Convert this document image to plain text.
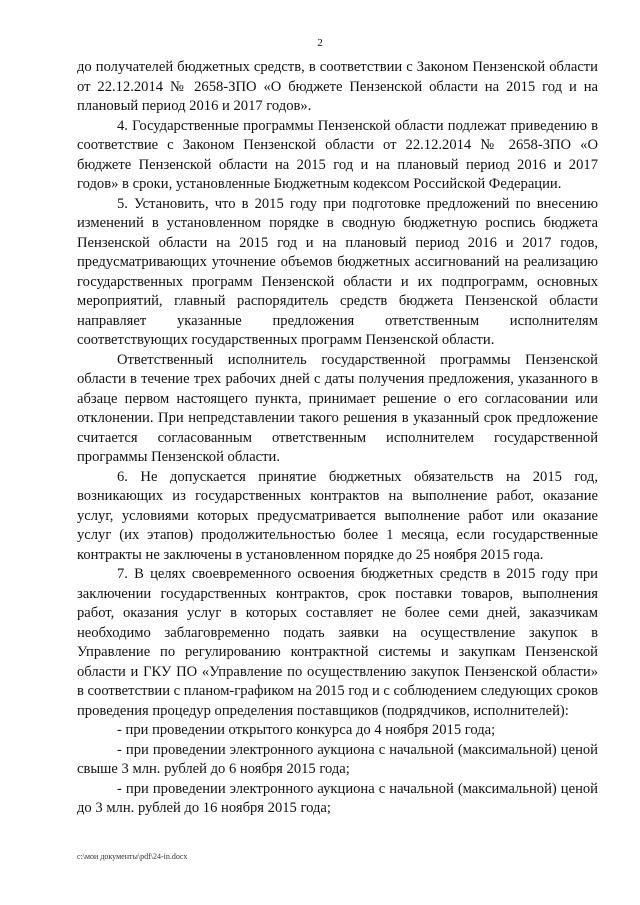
2

до получателей бюджетных средств, в соответствии с Законом Пензенской области от 22.12.2014 № 2658-ЗПО «О бюджете Пензенской области на 2015 год и на плановый период 2016 и 2017 годов».

4. Государственные программы Пензенской области подлежат приведению в соответствие с Законом Пензенской области от 22.12.2014 № 2658-ЗПО «О бюджете Пензенской области на 2015 год и на плановый период 2016 и 2017 годов» в сроки, установленные Бюджетным кодексом Российской Федерации.

5. Установить, что в 2015 году при подготовке предложений по внесению изменений в установленном порядке в сводную бюджетную роспись бюджета Пензенской области на 2015 год и на плановый период 2016 и 2017 годов, предусматривающих уточнение объемов бюджетных ассигнований на реализацию государственных программ Пензенской области и их подпрограмм, основных мероприятий, главный распорядитель средств бюджета Пензенской области направляет указанные предложения ответственным исполнителям соответствующих государственных программ Пензенской области.

Ответственный исполнитель государственной программы Пензенской области в течение трех рабочих дней с даты получения предложения, указанного в абзаце первом настоящего пункта, принимает решение о его согласовании или отклонении. При непредставлении такого решения в указанный срок предложение считается согласованным ответственным исполнителем государственной программы Пензенской области.

6. Не допускается принятие бюджетных обязательств на 2015 год, возникающих из государственных контрактов на выполнение работ, оказание услуг, условиями которых предусматривается выполнение работ или оказание услуг (их этапов) продолжительностью более 1 месяца, если государственные контракты не заключены в установленном порядке до 25 ноября 2015 года.

7. В целях своевременного освоения бюджетных средств в 2015 году при заключении государственных контрактов, срок поставки товаров, выполнения работ, оказания услуг в которых составляет не более семи дней, заказчикам необходимо заблаговременно подать заявки на осуществление закупок в Управление по регулированию контрактной системы и закупкам Пензенской области и ГКУ ПО «Управление по осуществлению закупок Пензенской области» в соответствии с планом-графиком на 2015 год и с соблюдением следующих сроков проведения процедур определения поставщиков (подрядчиков, исполнителей):

- при проведении открытого конкурса до 4 ноября 2015 года;

- при проведении электронного аукциона с начальной (максимальной) ценой свыше 3 млн. рублей до 6 ноября 2015 года;

- при проведении электронного аукциона с начальной (максимальной) ценой до 3 млн. рублей до 16 ноября 2015 года;

c:\мои документы\pdf\24-in.docx
